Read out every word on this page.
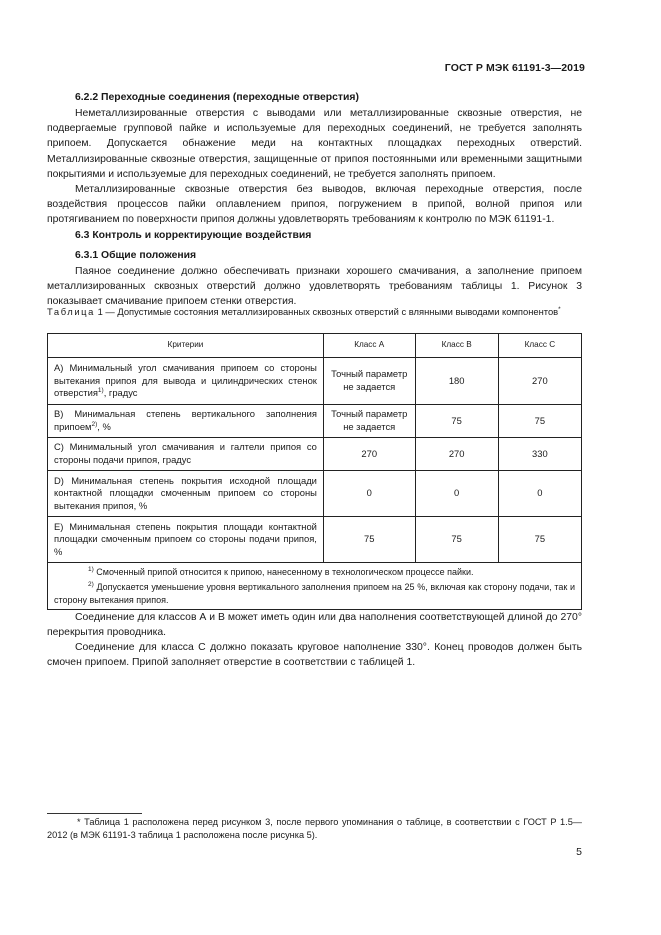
ГОСТ Р МЭК 61191-3—2019
6.2.2 Переходные соединения (переходные отверстия)
Неметаллизированные отверстия с выводами или металлизированные сквозные отверстия, не подвергаемые групповой пайке и используемые для переходных соединений, не требуется заполнять припоем. Допускается обнажение меди на контактных площадках переходных отверстий. Металлизированные сквозные отверстия, защищенные от припоя постоянными или временными защитными покрытиями и используемые для переходных соединений, не требуется заполнять припоем.
Металлизированные сквозные отверстия без выводов, включая переходные отверстия, после воздействия процессов пайки оплавлением припоя, погружением в припой, волной припоя или протягиванием по поверхности припоя должны удовлетворять требованиям к контролю по МЭК 61191-1.
6.3 Контроль и корректирующие воздействия
6.3.1 Общие положения
Паяное соединение должно обеспечивать признаки хорошего смачивания, а заполнение припоем металлизированных сквозных отверстий должно удовлетворять требованиям таблицы 1. Рисунок 3 показывает смачивание припоем стенки отверстия.
Таблица 1 — Допустимые состояния металлизированных сквозных отверстий с влянными выводами компонентов*
Критерии	Класс А	Класс В	Класс С
A) Минимальный угол смачивания припоем со стороны вытекания припоя для вывода и цилиндрических стенок отверстия$^{1)}$, градус	Точный параметр не задается	180	270
B) Минимальная степень вертикального заполнения припоем$^{2)}$, %	Точный параметр не задается	75	75
C) Минимальный угол смачивания и галтели припоя со стороны подачи припоя, градус	270	270	330
D) Минимальная степень покрытия исходной площади контактной площадки смоченным припоем со стороны вытекания припоя, %	0	0	0
E) Минимальная степень покрытия площади контактной площадки смоченным припоем со стороны подачи припоя, %	75	75	75

$^{1)}$ Смоченный припой относится к припою, нанесенному в технологическом процессе пайки.
$^{2)}$ Допускается уменьшение уровня вертикального заполнения припоем на 25 %, включая как сторону подачи, так и сторону вытекания припоя.			
Соединение для классов А и В может иметь один или два наполнения соответствующей длиной до 270° перекрытия проводника.
Соединение для класса С должно показать круговое наполнение 330°. Конец проводов должен быть смочен припоем. Припой заполняет отверстие в соответствии с таблицей 1.
* Таблица 1 расположена перед рисунком 3, после первого упоминания о таблице, в соответствии с ГОСТ Р 1.5—2012 (в МЭК 61191-3 таблица 1 расположена после рисунка 5).
5
